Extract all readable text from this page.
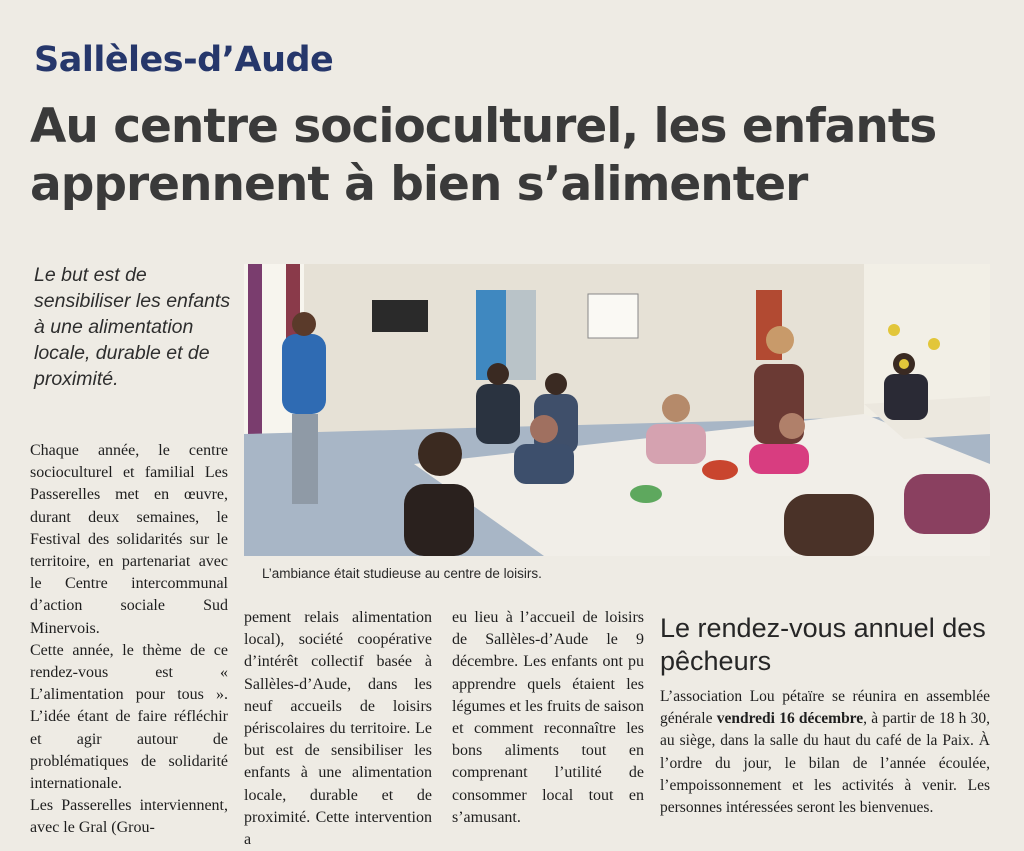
Sallèles-d’Aude
Au centre socioculturel, les enfants apprennent à bien s’alimenter
Le but est de sensibiliser les enfants à une alimentation locale, durable et de proximité.
L’ambiance était studieuse au centre de loisirs.

Chaque année, le centre socioculturel et familial Les Passerelles met en œuvre, durant deux semaines, le Festival des solidarités sur le territoire, en partenariat avec le Centre intercommunal d’action sociale Sud Minervois.

Cette année, le thème de ce rendez-vous est « L’alimentation pour tous ». L’idée étant de faire réfléchir et agir autour de problématiques de solidarité internationale.

Les Passerelles interviennent, avec le Gral (Grou-

pement relais alimentation local), société coopérative d’intérêt collectif basée à Sallèles-d’Aude, dans les neuf accueils de loisirs périscolaires du territoire. Le but est de sensibiliser les enfants à une alimentation locale, durable et de proximité. Cette intervention a

eu lieu à l’accueil de loisirs de Sallèles-d’Aude le 9 décembre. Les enfants ont pu apprendre quels étaient les légumes et les fruits de saison et comment reconnaître les bons aliments tout en comprenant l’utilité de consommer local tout en s’amusant.

Le rendez-vous annuel des pêcheurs

L’association Lou pétaïre se réunira en assemblée générale vendredi 16 décembre, à partir de 18 h 30, au siège, dans la salle du haut du café de la Paix. À l’ordre du jour, le bilan de l’année écoulée, l’empoissonnement et les activités à venir. Les personnes intéressées seront les bienvenues.
